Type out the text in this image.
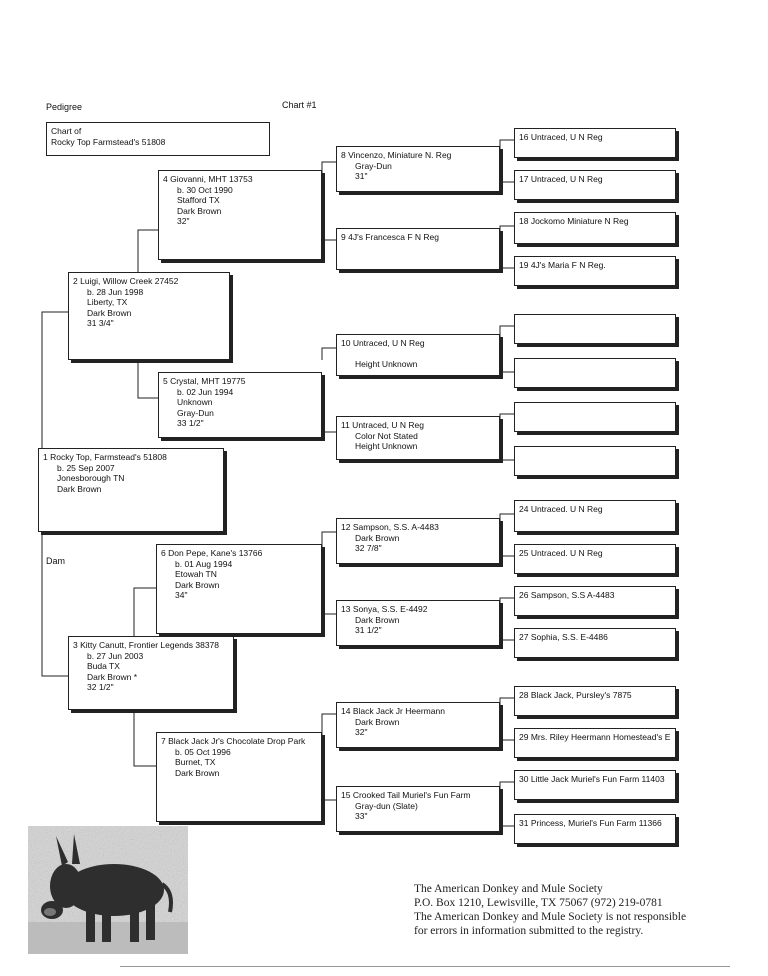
Pedigree	Chart #1
Chart of
Rocky Top Farmstead's 51808
Dam
1 Rocky Top, Farmstead's 51808
b. 25 Sep 2007
Jonesborough TN
Dark Brown
2 Luigi, Willow Creek 27452
b. 28 Jun 1998
Liberty, TX
Dark Brown
31 3/4"
3 Kitty Canutt, Frontier Legends 38378
b. 27 Jun 2003
Buda TX
Dark Brown *
32 1/2"
4 Giovanni, MHT 13753
b. 30 Oct 1990
Stafford TX
Dark Brown
32"
5 Crystal, MHT 19775
b. 02 Jun 1994
Unknown
Gray-Dun
33 1/2"
6 Don Pepe, Kane's 13766
b. 01 Aug 1994
Etowah TN
Dark Brown
34"
7 Black Jack Jr's Chocolate Drop Park
b. 05 Oct 1996
Burnet, TX
Dark Brown
8 Vincenzo, Miniature N. Reg
Gray-Dun
31"
9 4J's Francesca F N Reg
10 Untraced, U N Reg

Height Unknown
11 Untraced, U N Reg
Color Not Stated
Height Unknown
12 Sampson, S.S. A-4483
Dark Brown
32 7/8"
13 Sonya, S.S. E-4492
Dark Brown
31 1/2"
14 Black Jack Jr Heermann
Dark Brown
32"
15 Crooked Tail Muriel's Fun Farm
Gray-dun (Slate)
33"
16 Untraced, U N Reg
17 Untraced, U N Reg
18 Jockomo Miniature N Reg
19 4J's Maria F N Reg.

24 Untraced. U N Reg
25 Untraced. U N Reg
26 Sampson, S.S A-4483
27 Sophia, S.S. E-4486
28 Black Jack, Pursley's 7875
29 Mrs. Riley Heermann Homestead's E
30 Little Jack Muriel's Fun Farm 11403
31 Princess, Muriel's Fun Farm 11366
The American Donkey and Mule Society
P.O. Box 1210, Lewisville, TX 75067 (972) 219-0781
The American Donkey and Mule Society is not responsible
for errors in information submitted to the registry.
